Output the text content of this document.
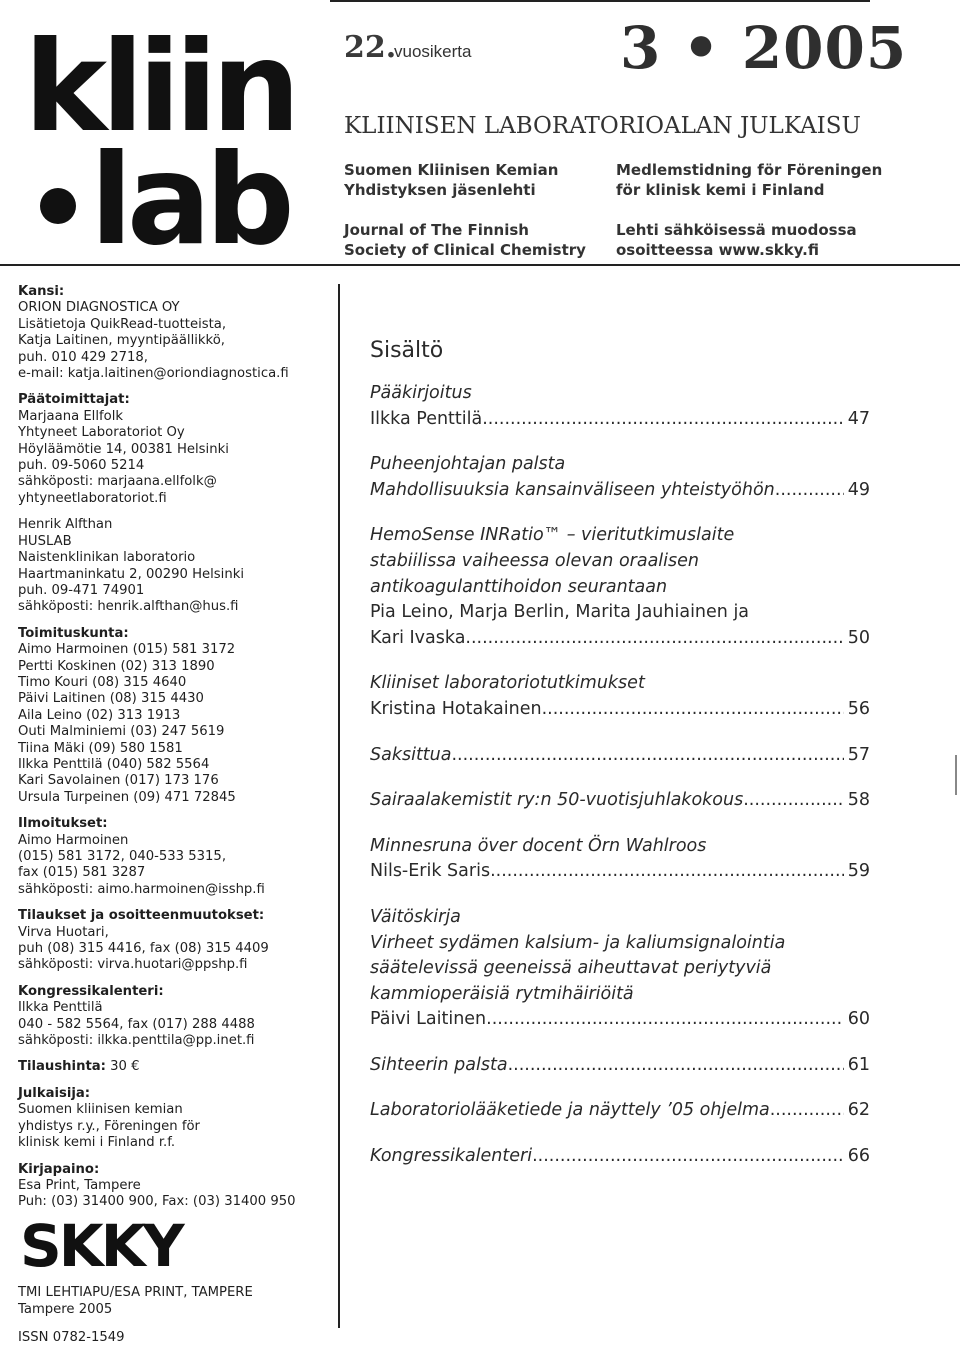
kliin
lab
22.
vuosikerta	3 • 2005
KLIINISEN LABORATORIOALAN JULKAISU
Suomen Kliinisen Kemian
Yhdistyksen jäsenlehti
Journal of The Finnish
Society of Clinical Chemistry
Medlemstidning för Föreningen
för klinisk kemi i Finland
Lehti sähköisessä muodossa
osoitteessa www.skky.fi
Kansi:
ORION DIAGNOSTICA OY
Lisätietoja QuikRead-tuotteista,
Katja Laitinen, myyntipäällikkö,
puh. 010 429 2718,
e-mail: katja.laitinen@oriondiagnostica.fi
Päätoimittajat:
Marjaana Ellfolk
Yhtyneet Laboratoriot Oy
Höyläämötie 14, 00381 Helsinki
puh. 09-5060 5214
sähköposti: marjaana.ellfolk@
yhtyneetlaboratoriot.fi
Henrik Alfthan
HUSLAB
Naistenklinikan laboratorio
Haartmaninkatu 2, 00290 Helsinki
puh. 09-471 74901
sähköposti: henrik.alfthan@hus.fi
Toimituskunta:
Aimo Harmoinen (015) 581 3172
Pertti Koskinen (02) 313 1890
Timo Kouri (08) 315 4640
Päivi Laitinen (08) 315 4430
Aila Leino (02) 313 1913
Outi Malminiemi (03) 247 5619
Tiina Mäki (09) 580 1581
Ilkka Penttilä (040) 582 5564
Kari Savolainen (017) 173 176
Ursula Turpeinen (09) 471 72845
Ilmoitukset:
Aimo Harmoinen
(015) 581 3172, 040-533 5315,
fax (015) 581 3287
sähköposti: aimo.harmoinen@isshp.fi
Tilaukset ja osoitteenmuutokset:
Virva Huotari,
puh (08) 315 4416, fax (08) 315 4409
sähköposti: virva.huotari@ppshp.fi
Kongressikalenteri:
Ilkka Penttilä
040 - 582 5564, fax (017) 288 4488
sähköposti: ilkka.penttila@pp.inet.fi
Tilaushinta: 30 €
Julkaisija:
Suomen kliinisen kemian
yhdistys r.y., Föreningen för
klinisk kemi i Finland r.f.
Kirjapaino:
Esa Print, Tampere
Puh: (03) 31400 900, Fax: (03) 31400 950
SKKY
TMI LEHTIAPU/ESA PRINT, TAMPERE
Tampere 2005
ISSN 0782-1549
Sisältö
Pääkirjoitus
Ilkka Penttilä .....	47
Puheenjohtajan palsta
Mahdollisuuksia kansainväliseen yhteistyöhön .....	49
HemoSense INRatio™ – vieritutkimuslaite
stabiilissa vaiheessa olevan oraalisen
antikoagulanttihoidon seurantaan
Pia Leino, Marja Berlin, Marita Jauhiainen ja
Kari Ivaska .....	50
Kliiniset laboratoriotutkimukset
Kristina Hotakainen .....	56
Saksittua .....	57
Sairaalakemistit ry:n 50-vuotisjuhlakokous .....	58
Minnesruna över docent Örn Wahlroos
Nils-Erik Saris .....	59
Väitöskirja
Virheet sydämen kalsium- ja kaliumsignalointia
säätelevissä geeneissä aiheuttavat periytyviä
kammioperäisiä rytmihäiriöitä
Päivi Laitinen .....	60
Sihteerin palsta .....	61
Laboratoriolääketiede ja näyttely ’05 ohjelma .....	62
Kongressikalenteri .....	66
